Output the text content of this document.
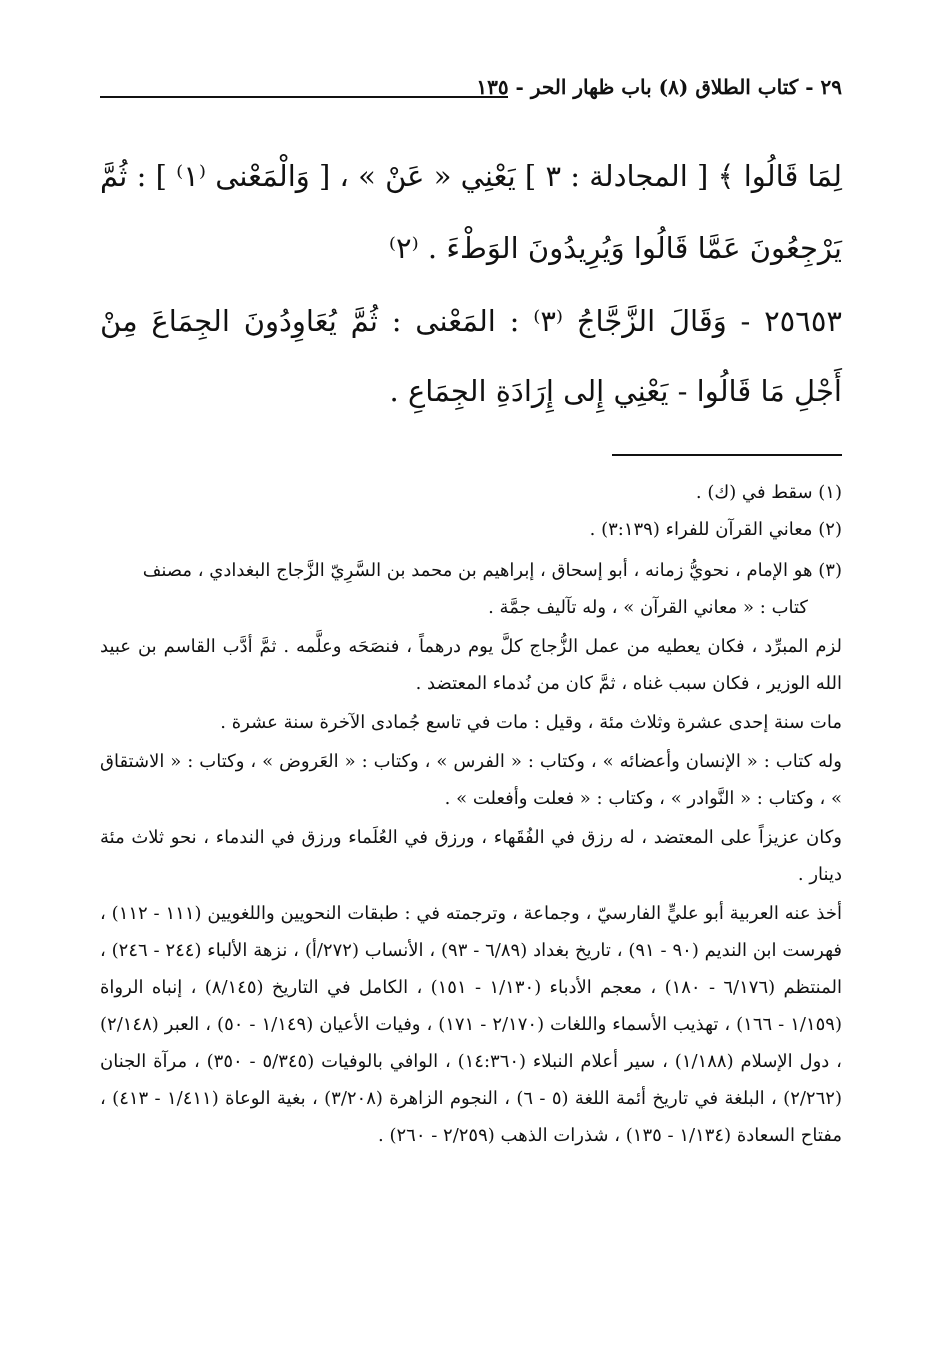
٢٩ - كتاب الطلاق (٨) باب ظهار الحر - ١٣٥

لِمَا قَالُوا ﴾ [ المجادلة : ٣ ] يَعْنِي « عَنْ » ، [ وَالْمَعْنى ⁽١⁾ ] : ثُمَّ يَرْجِعُونَ عَمَّا قَالُوا وَيُرِيدُونَ الوَطْءَ . ⁽٢⁾

٢٥٦٥٣ - وَقَالَ الزَّجَّاجُ ⁽٣⁾ : المَعْنى : ثُمَّ يُعَاوِدُونَ الجِمَاعَ مِنْ أَجْلِ مَا قَالُوا - يَعْنِي إِلى إِرَادَةِ الجِمَاعِ .

(١) سقط في (ك) .

(٢) معاني القرآن للفراء (٣:١٣٩) .

(٣) هو الإمام ، نحويُّ زمانه ، أبو إسحاق ، إبراهيم بن محمد بن السَّرِيّ الزَّجاج البغدادي ، مصنف

كتاب : « معاني القرآن » ، وله تآليف جمَّة .

لزم المبرِّد ، فكان يعطيه من عمل الزُّجاج كلَّ يوم درهماً ، فنصَحَه وعلَّمه . ثمَّ أدَّب القاسم بن عبيد الله الوزير ، فكان سبب غناه ، ثمَّ كان من نُدماء المعتضد .

مات سنة إحدى عشرة وثلاث مئة ، وقيل : مات في تاسع جُمادى الآخرة سنة عشرة .

وله كتاب : « الإنسان وأعضائه » ، وكتاب : « الفرس » ، وكتاب : « العَروض » ، وكتاب : « الاشتقاق » ، وكتاب : « النَّوادر » ، وكتاب : « فعلت وأفعلت » .

وكان عزيزاً على المعتضد ، له رزق في الفُقَهاء ، ورزق في العُلَماء ورزق في الندماء ، نحو ثلاث مئة دينار .

أخذ عنه العربية أبو عليٍّ الفارسيّ ، وجماعة ، وترجمته في : طبقات النحويين واللغويين (١١١ - ١١٢) ، فهرست ابن النديم (٩٠ - ٩١) ، تاريخ بغداد (٦/٨٩ - ٩٣) ، الأنساب (٢٧٢/أ) ، نزهة الألباء (٢٤٤ - ٢٤٦) ، المنتظم (٦/١٧٦ - ١٨٠) ، معجم الأدباء (١/١٣٠ - ١٥١) ، الكامل في التاريخ (٨/١٤٥) ، إنباه الرواة (١/١٥٩ - ١٦٦) ، تهذيب الأسماء واللغات (٢/١٧٠ - ١٧١) ، وفيات الأعيان (١/١٤٩ - ٥٠) ، العبر (٢/١٤٨) ، دول الإسلام (١/١٨٨) ، سير أعلام النبلاء (١٤:٣٦٠) ، الوافي بالوفيات (٥/٣٤٥ - ٣٥٠) ، مرآة الجنان (٢/٢٦٢) ، البلغة في تاريخ أئمة اللغة (٥ - ٦) ، النجوم الزاهرة (٣/٢٠٨) ، بغية الوعاة (١/٤١١ - ٤١٣) ، مفتاح السعادة (١/١٣٤ - ١٣٥) ، شذرات الذهب (٢/٢٥٩ - ٢٦٠) .
